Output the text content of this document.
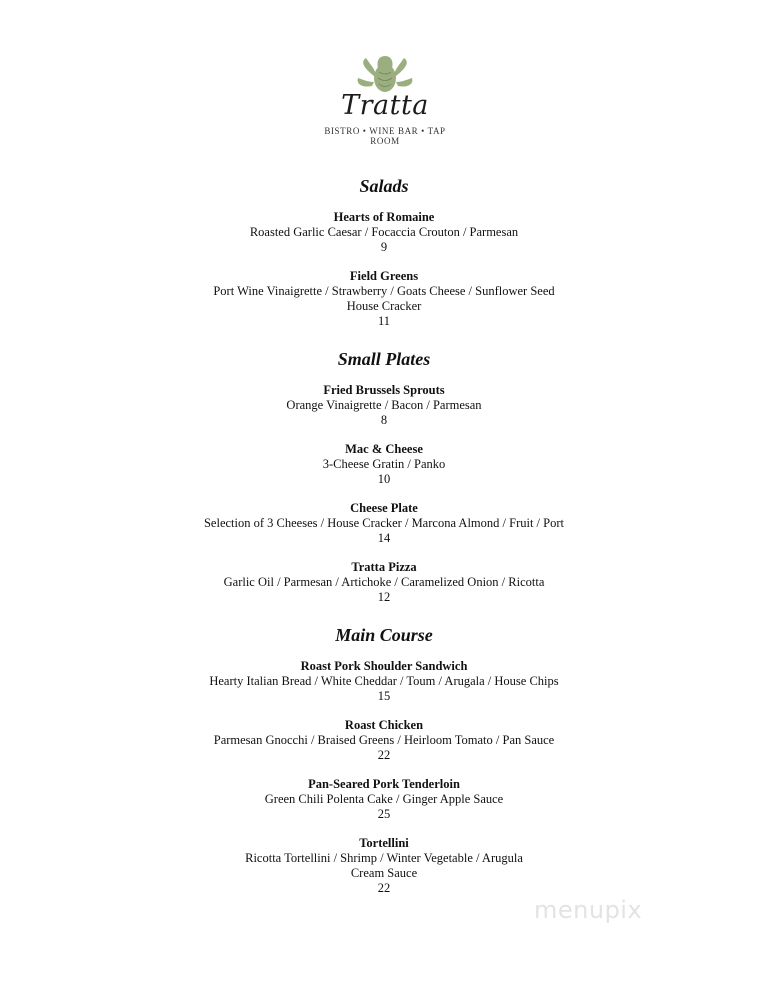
Tratta
BISTRO • WINE BAR • TAP ROOM
Salads
Hearts of Romaine
Roasted Garlic Caesar / Focaccia Crouton / Parmesan
9
Field Greens
Port Wine Vinaigrette / Strawberry / Goats Cheese / Sunflower Seed
House Cracker
11
Small Plates
Fried Brussels Sprouts
Orange Vinaigrette / Bacon / Parmesan
8
Mac & Cheese
3-Cheese Gratin / Panko
10
Cheese Plate
Selection of 3 Cheeses / House Cracker / Marcona Almond / Fruit / Port
14
Tratta Pizza
Garlic Oil / Parmesan / Artichoke / Caramelized Onion / Ricotta
12
Main Course
Roast Pork Shoulder Sandwich
Hearty Italian Bread / White Cheddar / Toum / Arugala / House Chips
15
Roast Chicken
Parmesan Gnocchi / Braised Greens / Heirloom Tomato / Pan Sauce
22
Pan-Seared Pork Tenderloin
Green Chili Polenta Cake / Ginger Apple Sauce
25
Tortellini
Ricotta Tortellini / Shrimp / Winter Vegetable / Arugula
Cream Sauce
22
menupix
